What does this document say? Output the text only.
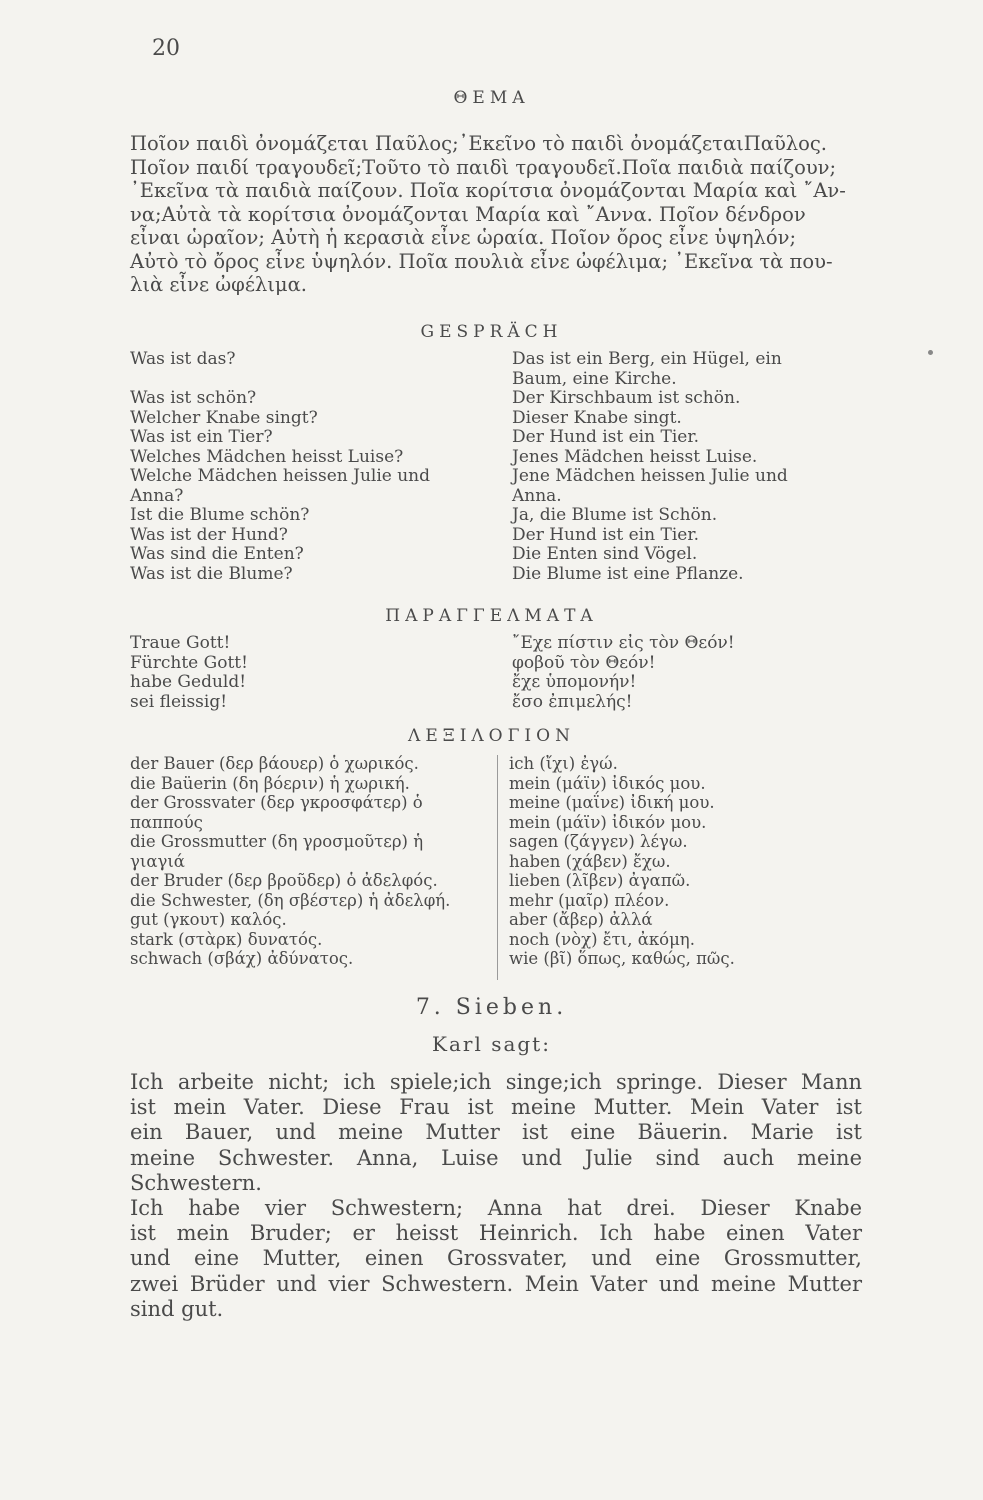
20
ΘΕΜΑ
Ποῖον παιδὶ ὀνομάζεται Παῦλος;᾽Εκεῖνο τὸ παιδὶ ὀνομάζεταιΠαῦλος.
Ποῖον παιδί τραγουδεῖ;Τοῦτο τὸ παιδὶ τραγουδεῖ.Ποῖα παιδιὰ παίζουν;
᾽Εκεῖνα τὰ παιδιὰ παίζουν. Ποῖα κορίτσια ὀνομάζονται Μαρία καὶ ῎Αν-
να;Αὐτὰ τὰ κορίτσια ὀνομάζονται Μαρία καὶ ῎Αννα. Ποῖον δένδρον
εἶναι ὡραῖον; Αὐτὴ ἡ κερασιὰ εἶνε ὡραία. Ποῖον ὄρος εἶνε ὑψηλόν;
Αὐτὸ τὸ ὄρος εἶνε ὑψηλόν. Ποῖα πουλιὰ εἶνε ὠφέλιμα; ᾽Εκεῖνα τὰ που-
λιὰ εἶνε ὠφέλιμα.
GESPRÄCH
Was ist das?

Was ist schön?
Welcher Knabe singt?
Was ist ein Tier?
Welches Mädchen heisst Luise?
Welche Mädchen heissen Julie und
Anna?
Ist die Blume schön?
Was ist der Hund?
Was sind die Enten?
Was ist die Blume?
Das ist ein Berg, ein Hügel, ein
Baum, eine Kirche.
Der Kirschbaum ist schön.
Dieser Knabe singt.
Der Hund ist ein Tier.
Jenes Mädchen heisst Luise.
Jene Mädchen heissen Julie und
Anna.
Ja, die Blume ist Schön.
Der Hund ist ein Tier.
Die Enten sind Vögel.
Die Blume ist eine Pflanze.
ΠΑΡΑΓΓΕΛΜΑΤΑ
Traue Gott!
Fürchte Gott!
habe Geduld!
sei fleissig!
῎Εχε πίστιν εἰς τὸν Θεόν!
φοβοῦ τὸν Θεόν!
ἔχε ὑπομονήν!
ἔσο ἐπιμελής!
ΛΕΞΙΛΟΓΙΟΝ
der Bauer (δερ βάουερ) ὁ χωρικός.
die Baüerin (δη βόεριν) ἡ χωρική.
der Grossvater (δερ γκροσφάτερ) ὁ
παππούς
die Grossmutter (δη γροσμοῦτερ) ἡ
γιαγιά
der Bruder (δερ βροῦδερ) ὁ ἀδελφός.
die Schwester, (δη σβέστερ) ἡ ἀδελφή.
gut (γκουτ) καλός.
stark (στὰρκ) δυνατός.
schwach (σβάχ) ἀδύνατος.
ich (ἴχι) ἐγώ.
mein (μάϊν) ἰδικός μου.
meine (μαΐνε) ἰδική μου.
mein (μάϊν) ἰδικόν μου.
sagen (ζάγγεν) λέγω.
haben (χάβεν) ἔχω.
lieben (λῖβεν) ἀγαπῶ.
mehr (μαῖρ) πλέον.
aber (ἄβερ) ἀλλά
noch (νὸχ) ἔτι, ἀκόμη.
wie (βῖ) ὅπως, καθώς, πῶς.
7. Sieben.
Karl sagt:
Ich arbeite nicht; ich spiele;ich singe;ich springe. Dieser Mann
ist mein Vater. Diese Frau ist meine Mutter. Mein Vater ist
ein Bauer, und meine Mutter ist eine Bäuerin. Marie ist
meine Schwester. Anna, Luise und Julie sind auch meine
Schwestern.
Ich habe vier Schwestern; Anna hat drei. Dieser Knabe
ist mein Bruder; er heisst Heinrich. Ich habe einen Vater
und eine Mutter, einen Grossvater, und eine Grossmutter,
zwei Brüder und vier Schwestern. Mein Vater und meine Mutter
sind gut.
